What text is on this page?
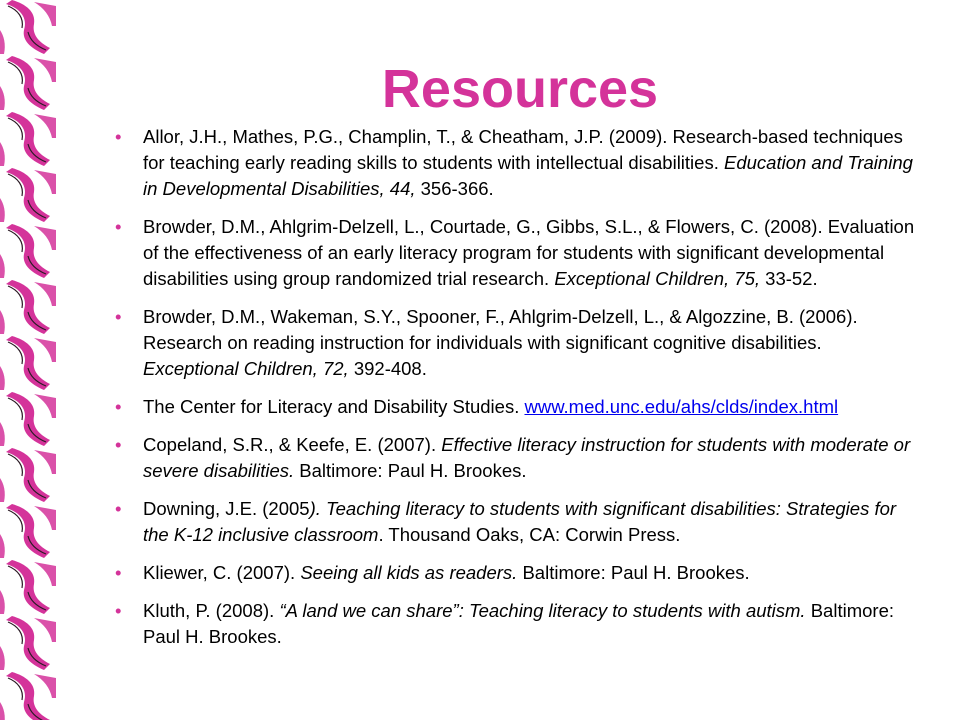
Resources
• Allor, J.H., Mathes, P.G., Champlin, T., & Cheatham, J.P. (2009). Research-based techniques for teaching early reading skills to students with intellectual disabilities. Education and Training in Developmental Disabilities, 44, 356-366.
• Browder, D.M., Ahlgrim-Delzell, L., Courtade, G., Gibbs, S.L., & Flowers, C. (2008). Evaluation of the effectiveness of an early literacy program for students with significant developmental disabilities using group randomized trial research. Exceptional Children, 75, 33-52.
• Browder, D.M., Wakeman, S.Y., Spooner, F., Ahlgrim-Delzell, L., & Algozzine, B. (2006). Research on reading instruction for individuals with significant cognitive disabilities. Exceptional Children, 72, 392-408.
• The Center for Literacy and Disability Studies. www.med.unc.edu/ahs/clds/index.html
• Copeland, S.R., & Keefe, E. (2007). Effective literacy instruction for students with moderate or severe disabilities. Baltimore: Paul H. Brookes.
• Downing, J.E. (2005). Teaching literacy to students with significant disabilities: Strategies for the K-12 inclusive classroom. Thousand Oaks, CA: Corwin Press.
• Kliewer, C. (2007). Seeing all kids as readers. Baltimore: Paul H. Brookes.
• Kluth, P. (2008). “A land we can share”: Teaching literacy to students with autism. Baltimore: Paul H. Brookes.
